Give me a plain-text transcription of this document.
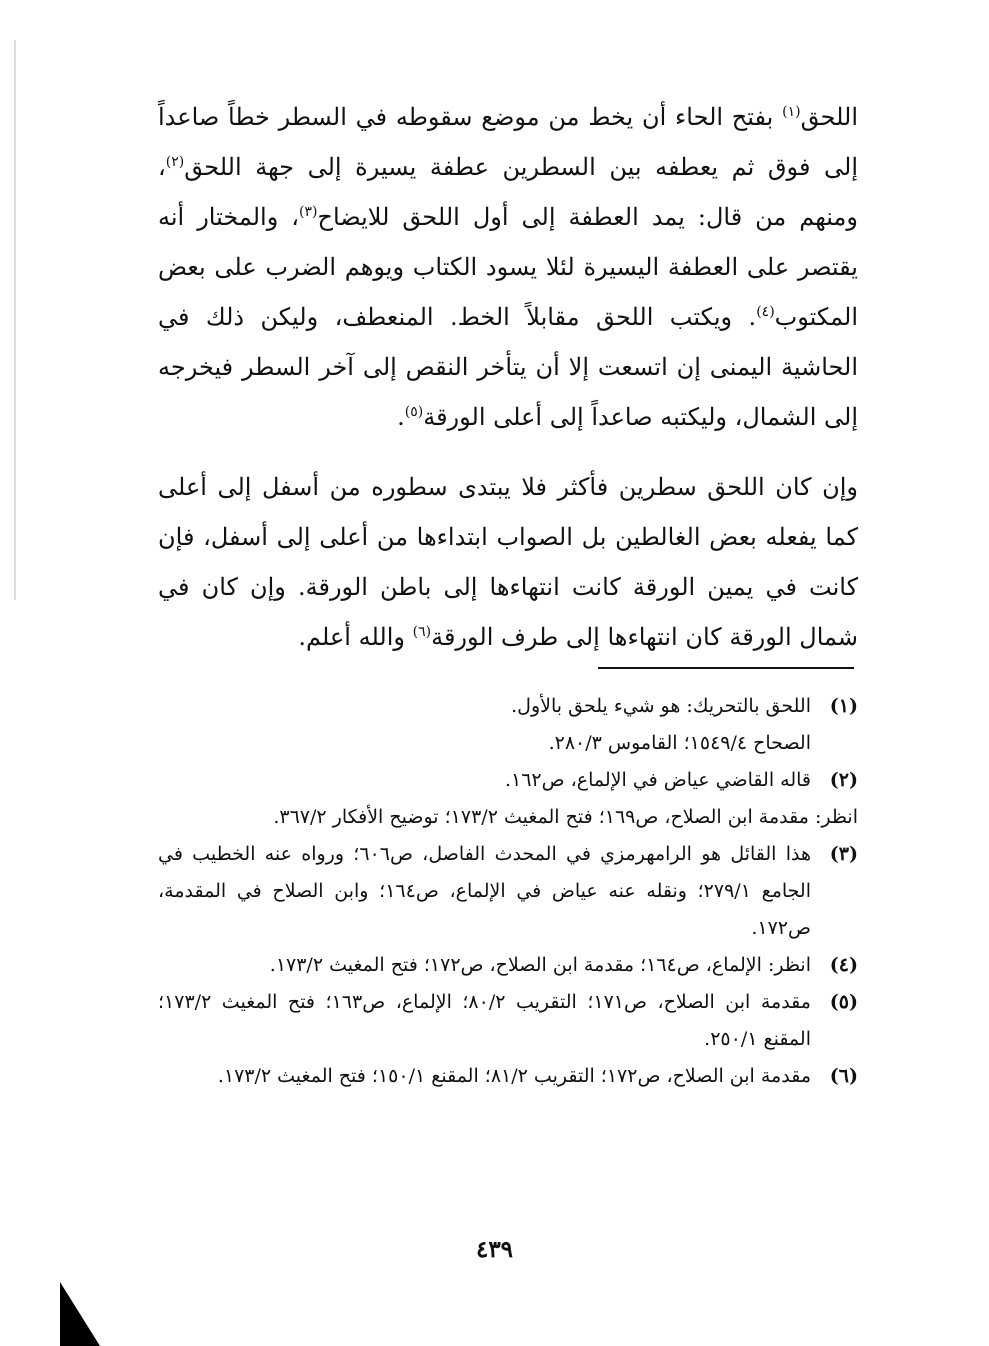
اللحق$^{(١)}$ بفتح الحاء أن يخط من موضع سقوطه في السطر خطاً صاعداً إلى فوق ثم يعطفه بين السطرين عطفة يسيرة إلى جهة اللحق$^{(٢)}$، ومنهم من قال: يمد العطفة إلى أول اللحق للايضاح$^{(٣)}$، والمختار أنه يقتصر على العطفة اليسيرة لئلا يسود الكتاب ويوهم الضرب على بعض المكتوب$^{(٤)}$. ويكتب اللحق مقابلاً الخط. المنعطف، وليكن ذلك في الحاشية اليمنى إن اتسعت إلا أن يتأخر النقص إلى آخر السطر فيخرجه إلى الشمال، وليكتبه صاعداً إلى أعلى الورقة$^{(٥)}$.

وإن كان اللحق سطرين فأكثر فلا يبتدى سطوره من أسفل إلى أعلى كما يفعله بعض الغالطين بل الصواب ابتداءها من أعلى إلى أسفل، فإن كانت في يمين الورقة كانت انتهاءها إلى باطن الورقة. وإن كان في شمال الورقة كان انتهاءها إلى طرف الورقة$^{(٦)}$ والله أعلم.

(١)
اللحق بالتحريك: هو شيء يلحق بالأول.
الصحاح ١٥٤٩/٤؛ القاموس ٢٨٠/٣.
(٢)
قاله القاضي عياض في الإلماع، ص١٦٢.
انظر: مقدمة ابن الصلاح، ص١٦٩؛ فتح المغيث ١٧٣/٢؛ توضيح الأفكار ٣٦٧/٢.
(٣)
هذا القائل هو الرامهرمزي في المحدث الفاصل، ص٦٠٦؛ ورواه عنه الخطيب في الجامع ٢٧٩/١؛ ونقله عنه عياض في الإلماع، ص١٦٤؛ وابن الصلاح في المقدمة، ص١٧٢.
(٤)
انظر: الإلماع، ص١٦٤؛ مقدمة ابن الصلاح، ص١٧٢؛ فتح المغيث ١٧٣/٢.
(٥)
مقدمة ابن الصلاح، ص١٧١؛ التقريب ٨٠/٢؛ الإلماع، ص١٦٣؛ فتح المغيث ١٧٣/٢؛ المقنع ٢٥٠/١.
(٦)
مقدمة ابن الصلاح، ص١٧٢؛ التقريب ٨١/٢؛ المقنع ١٥٠/١؛ فتح المغيث ١٧٣/٢.
٤٣٩
